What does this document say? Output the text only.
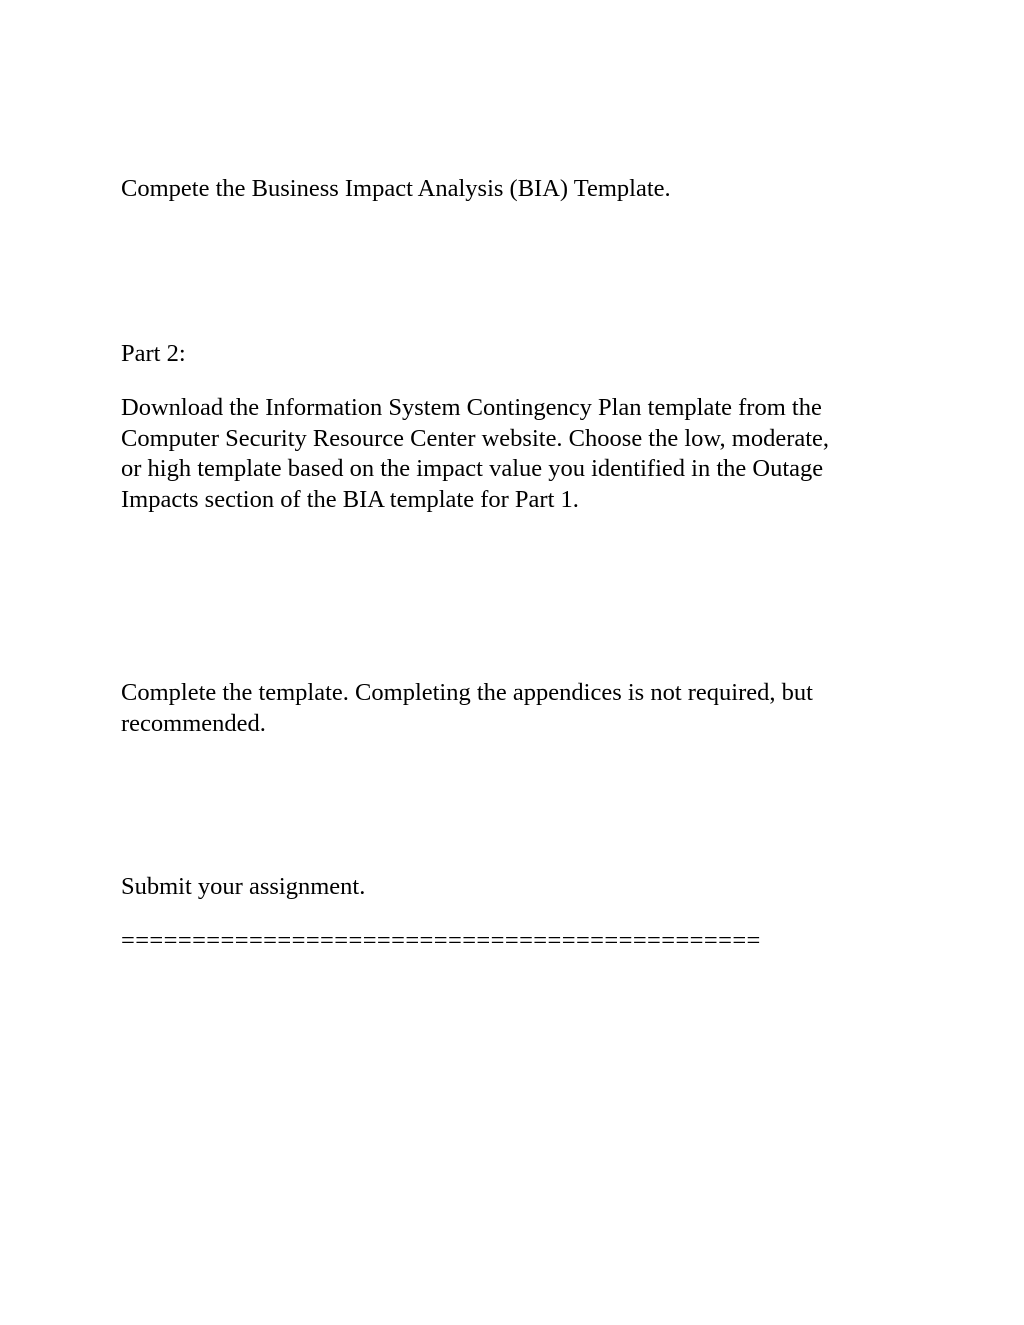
Compete the Business Impact Analysis (BIA) Template.

Part 2:

Download the Information System Contingency Plan template from the
Computer Security Resource Center website. Choose the low, moderate,
or high template based on the impact value you identified in the Outage
Impacts section of the BIA template for Part 1.

Complete the template. Completing the appendices is not required, but
recommended.

Submit your assignment.

=============================================
